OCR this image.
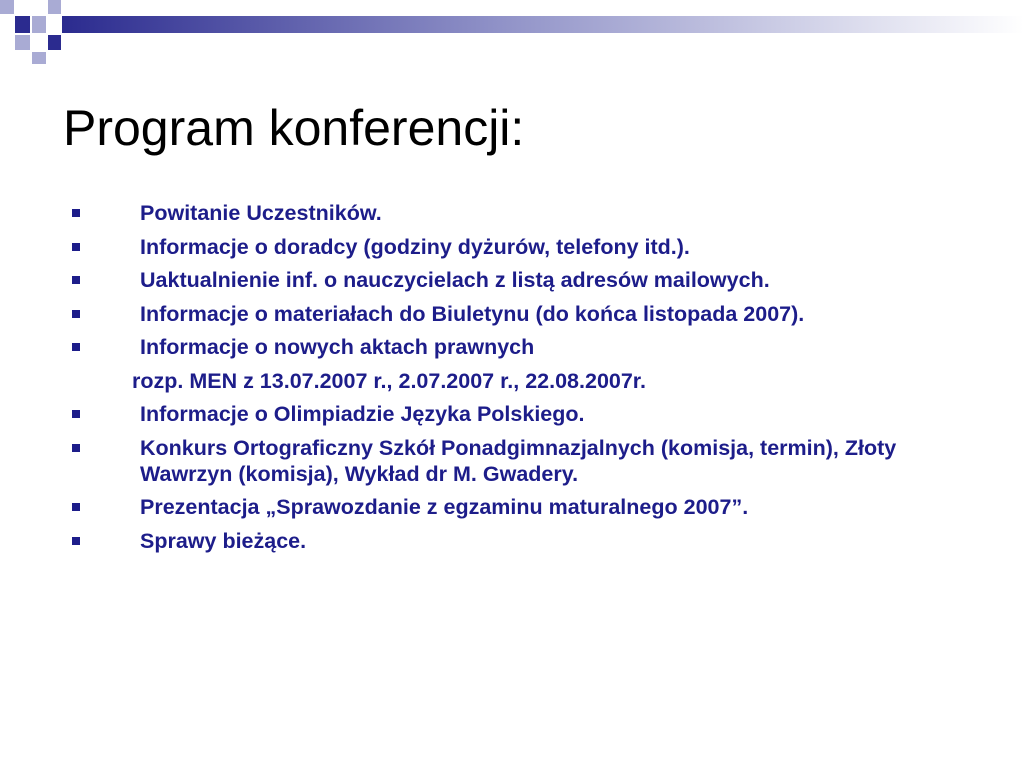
Program konferencji:
Powitanie Uczestników.
Informacje o doradcy (godziny dyżurów, telefony itd.).
Uaktualnienie inf. o nauczycielach z listą adresów mailowych.
Informacje o materiałach do Biuletynu (do końca listopada 2007).
Informacje o nowych aktach prawnych
rozp. MEN z 13.07.2007 r., 2.07.2007 r., 22.08.2007r.
Informacje o Olimpiadzie Języka Polskiego.
Konkurs Ortograficzny Szkół Ponadgimnazjalnych (komisja, termin), Złoty Wawrzyn (komisja), Wykład dr M. Gwadery.
Prezentacja „Sprawozdanie z egzaminu maturalnego 2007”.
Sprawy bieżące.
